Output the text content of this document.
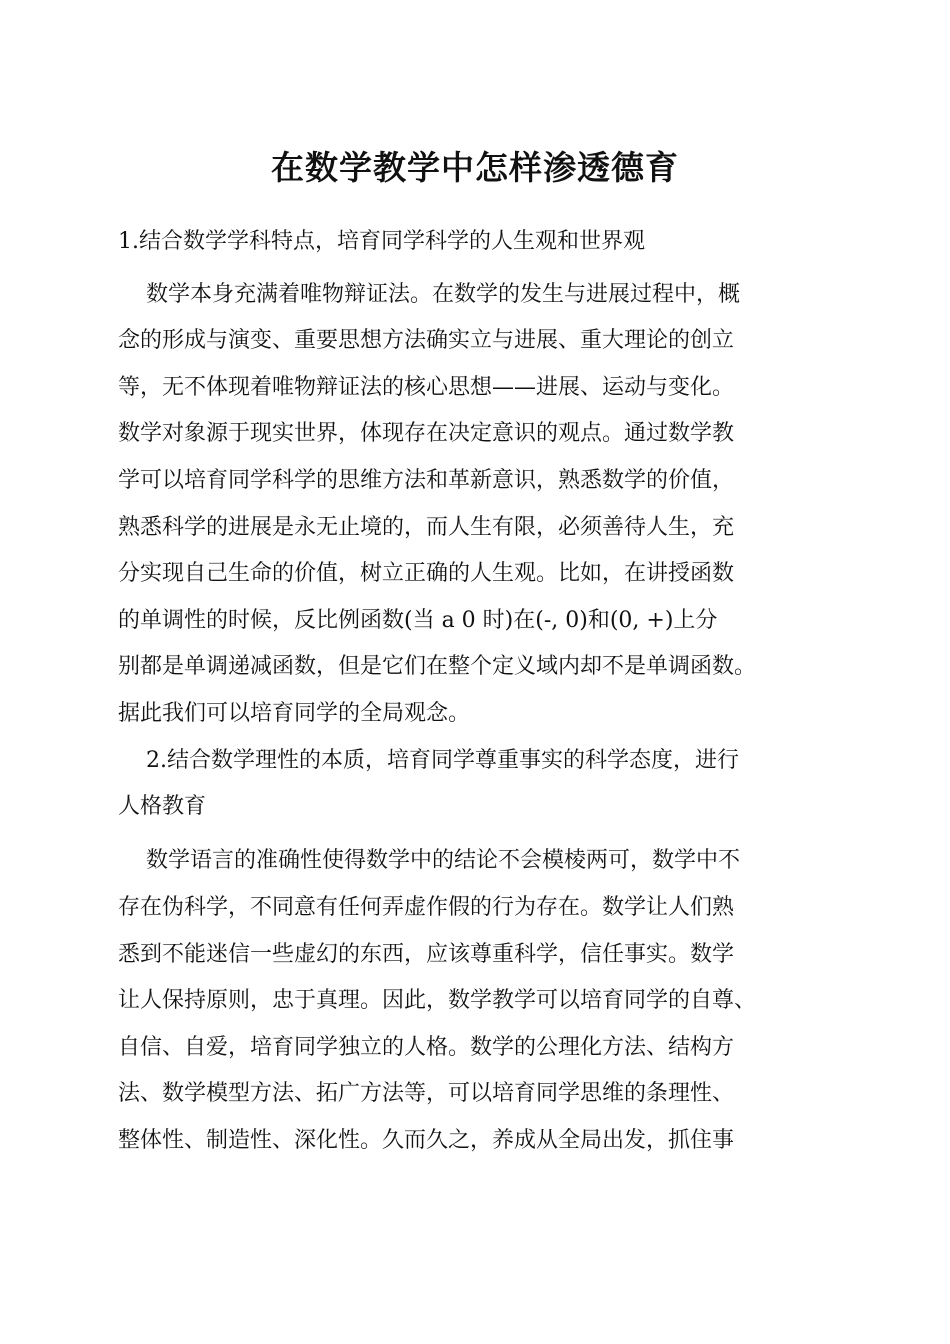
在数学教学中怎样渗透德育

1.结合数学学科特点，培育同学科学的人生观和世界观

数学本身充满着唯物辩证法。在数学的发生与进展过程中，概

念的形成与演变、重要思想方法确实立与进展、重大理论的创立

等，无不体现着唯物辩证法的核心思想——进展、运动与变化。

数学对象源于现实世界，体现存在决定意识的观点。通过数学教

学可以培育同学科学的思维方法和革新意识，熟悉数学的价值，

熟悉科学的进展是永无止境的，而人生有限，必须善待人生，充

分实现自己生命的价值，树立正确的人生观。比如，在讲授函数

的单调性的时候，反比例函数(当 a 0 时)在(-, 0)和(0, +)上分

别都是单调递减函数，但是它们在整个定义域内却不是单调函数。

据此我们可以培育同学的全局观念。

2.结合数学理性的本质，培育同学尊重事实的科学态度，进行

人格教育

数学语言的准确性使得数学中的结论不会模棱两可，数学中不

存在伪科学，不同意有任何弄虚作假的行为存在。数学让人们熟

悉到不能迷信一些虚幻的东西，应该尊重科学，信任事实。数学

让人保持原则，忠于真理。因此，数学教学可以培育同学的自尊、

自信、自爱，培育同学独立的人格。数学的公理化方法、结构方

法、数学模型方法、拓广方法等，可以培育同学思维的条理性、

整体性、制造性、深化性。久而久之，养成从全局出发，抓住事
